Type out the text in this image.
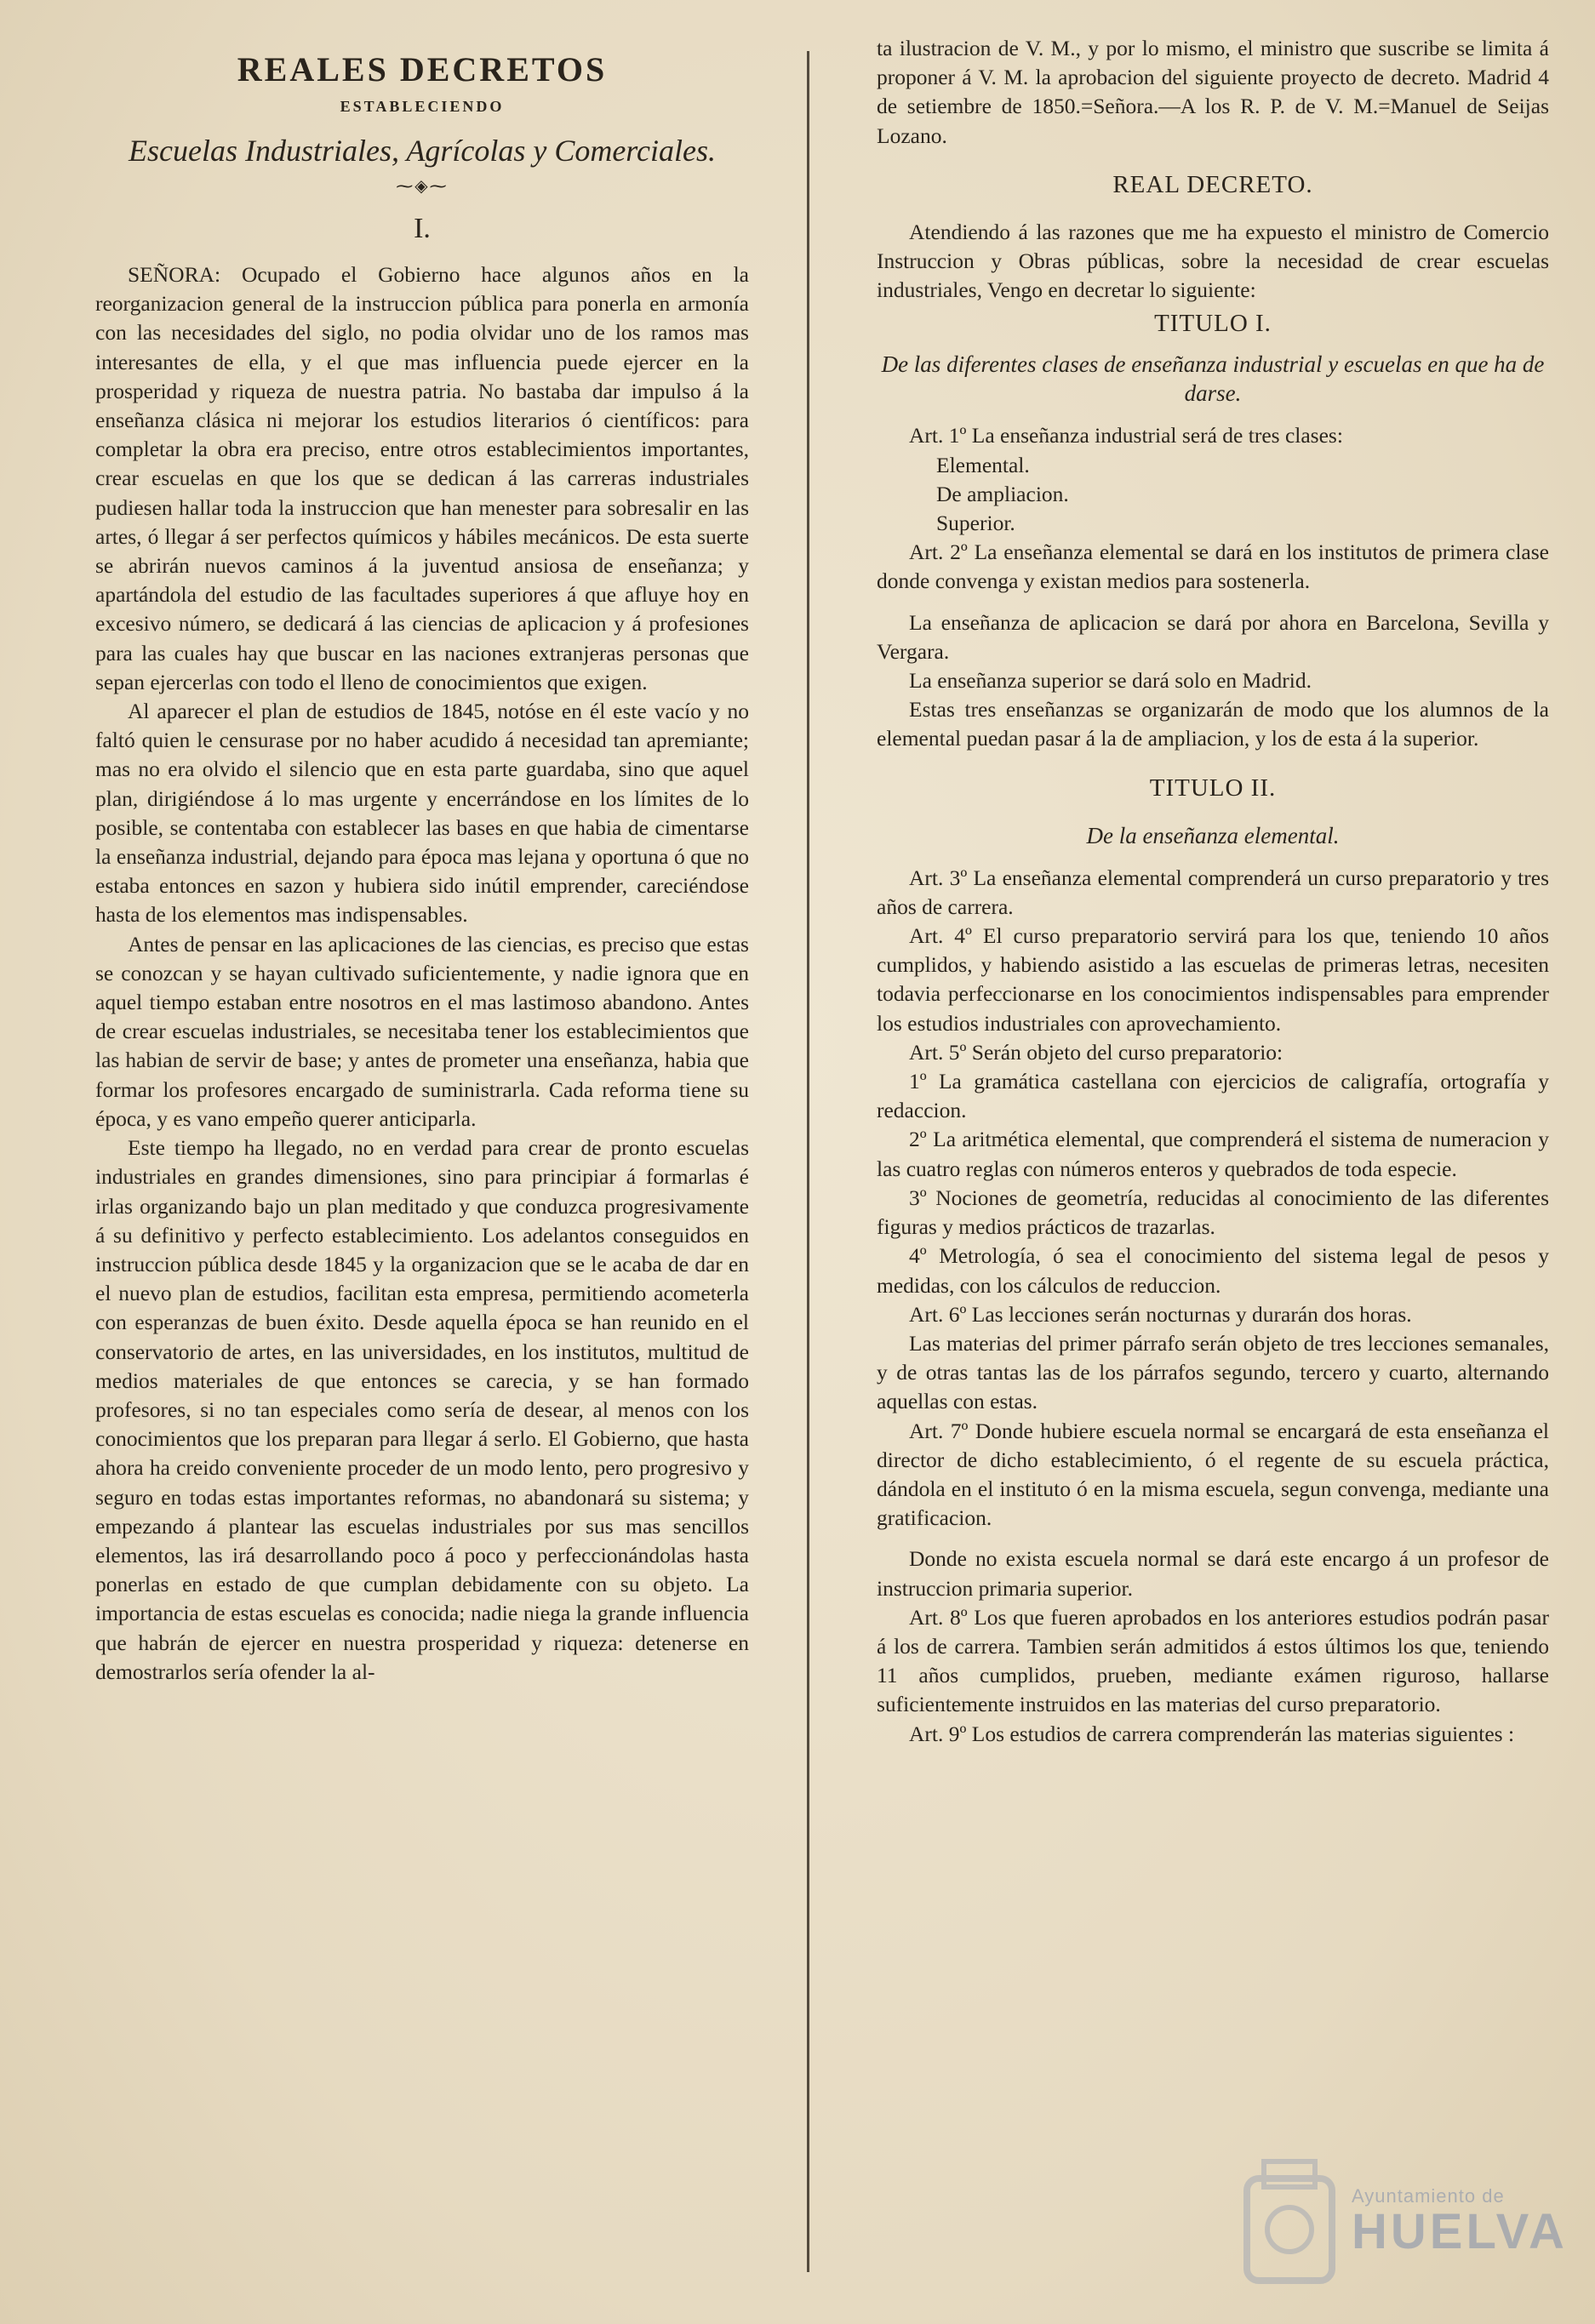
REALES DECRETOS
ESTABLECIENDO
Escuelas Industriales, Agrícolas y Comerciales.
⁓◈⁓
I.

SEÑORA: Ocupado el Gobierno hace algunos años en la reorganizacion general de la instruccion pública para ponerla en armonía con las necesidades del siglo, no podia olvidar uno de los ramos mas interesantes de ella, y el que mas influencia puede ejercer en la prosperidad y riqueza de nuestra patria. No bastaba dar impulso á la enseñanza clásica ni mejorar los estudios literarios ó científicos: para completar la obra era preciso, entre otros establecimientos importantes, crear escuelas en que los que se dedican á las carreras industriales pudiesen hallar toda la instruccion que han menester para sobresalir en las artes, ó llegar á ser perfectos químicos y hábiles mecánicos. De esta suerte se abrirán nuevos caminos á la juventud ansiosa de enseñanza; y apartándola del estudio de las facultades superiores á que afluye hoy en excesivo número, se dedicará á las ciencias de aplicacion y á profesiones para las cuales hay que buscar en las naciones extranjeras personas que sepan ejercerlas con todo el lleno de conocimientos que exigen.

Al aparecer el plan de estudios de 1845, notóse en él este vacío y no faltó quien le censurase por no haber acudido á necesidad tan apremiante; mas no era olvido el silencio que en esta parte guardaba, sino que aquel plan, dirigiéndose á lo mas urgente y encerrándose en los límites de lo posible, se contentaba con establecer las bases en que habia de cimentarse la enseñanza industrial, dejando para época mas lejana y oportuna ó que no estaba entonces en sazon y hubiera sido inútil emprender, careciéndose hasta de los elementos mas indispensables.

Antes de pensar en las aplicaciones de las ciencias, es preciso que estas se conozcan y se hayan cultivado suficientemente, y nadie ignora que en aquel tiempo estaban entre nosotros en el mas lastimoso abandono. Antes de crear escuelas industriales, se necesitaba tener los establecimientos que las habian de servir de base; y antes de prometer una enseñanza, habia que formar los profesores encargado de suministrarla. Cada reforma tiene su época, y es vano empeño querer anticiparla.

Este tiempo ha llegado, no en verdad para crear de pronto escuelas industriales en grandes dimensiones, sino para principiar á formarlas é irlas organizando bajo un plan meditado y que conduzca progresivamente á su definitivo y perfecto establecimiento. Los adelantos conseguidos en instruccion pública desde 1845 y la organizacion que se le acaba de dar en el nuevo plan de estudios, facilitan esta empresa, permitiendo acometerla con esperanzas de buen éxito. Desde aquella época se han reunido en el conservatorio de artes, en las universidades, en los institutos, multitud de medios materiales de que entonces se carecia, y se han formado profesores, si no tan especiales como sería de desear, al menos con los conocimientos que los preparan para llegar á serlo. El Gobierno, que hasta ahora ha creido conveniente proceder de un modo lento, pero progresivo y seguro en todas estas importantes reformas, no abandonará su sistema; y empezando á plantear las escuelas industriales por sus mas sencillos elementos, las irá desarrollando poco á poco y perfeccionándolas hasta ponerlas en estado de que cumplan debidamente con su objeto. La importancia de estas escuelas es conocida; nadie niega la grande influencia que habrán de ejercer en nuestra prosperidad y riqueza: detenerse en demostrarlos sería ofender la al-

ta ilustracion de V. M., y por lo mismo, el ministro que suscribe se limita á proponer á V. M. la aprobacion del siguiente proyecto de decreto. Madrid 4 de setiembre de 1850.=Señora.—A los R. P. de V. M.=Manuel de Seijas Lozano.

REAL DECRETO.

Atendiendo á las razones que me ha expuesto el ministro de Comercio Instruccion y Obras públicas, sobre la necesidad de crear escuelas industriales, Vengo en decretar lo siguiente:

TITULO I.
De las diferentes clases de enseñanza industrial y escuelas en que ha de darse.

Art. 1º La enseñanza industrial será de tres clases:

Elemental.

De ampliacion.

Superior.

Art. 2º La enseñanza elemental se dará en los institutos de primera clase donde convenga y existan medios para sostenerla.

La enseñanza de aplicacion se dará por ahora en Barcelona, Sevilla y Vergara.

La enseñanza superior se dará solo en Madrid.

Estas tres enseñanzas se organizarán de modo que los alumnos de la elemental puedan pasar á la de ampliacion, y los de esta á la superior.

TITULO II.
De la enseñanza elemental.

Art. 3º La enseñanza elemental comprenderá un curso preparatorio y tres años de carrera.

Art. 4º El curso preparatorio servirá para los que, teniendo 10 años cumplidos, y habiendo asistido a las escuelas de primeras letras, necesiten todavia perfeccionarse en los conocimientos indispensables para emprender los estudios industriales con aprovechamiento.

Art. 5º Serán objeto del curso preparatorio:

1º La gramática castellana con ejercicios de caligrafía, ortografía y redaccion.

2º La aritmética elemental, que comprenderá el sistema de numeracion y las cuatro reglas con números enteros y quebrados de toda especie.

3º Nociones de geometría, reducidas al conocimiento de las diferentes figuras y medios prácticos de trazarlas.

4º Metrología, ó sea el conocimiento del sistema legal de pesos y medidas, con los cálculos de reduccion.

Art. 6º Las lecciones serán nocturnas y durarán dos horas.

Las materias del primer párrafo serán objeto de tres lecciones semanales, y de otras tantas las de los párrafos segundo, tercero y cuarto, alternando aquellas con estas.

Art. 7º Donde hubiere escuela normal se encargará de esta enseñanza el director de dicho establecimiento, ó el regente de su escuela práctica, dándola en el instituto ó en la misma escuela, segun convenga, mediante una gratificacion.

Donde no exista escuela normal se dará este encargo á un profesor de instruccion primaria superior.

Art. 8º Los que fueren aprobados en los anteriores estudios podrán pasar á los de carrera. Tambien serán admitidos á estos últimos los que, teniendo 11 años cumplidos, prueben, mediante exámen riguroso, hallarse suficientemente instruidos en las materias del curso preparatorio.

Art. 9º Los estudios de carrera comprenderán las materias siguientes :

Ayuntamiento de
HUELVA
